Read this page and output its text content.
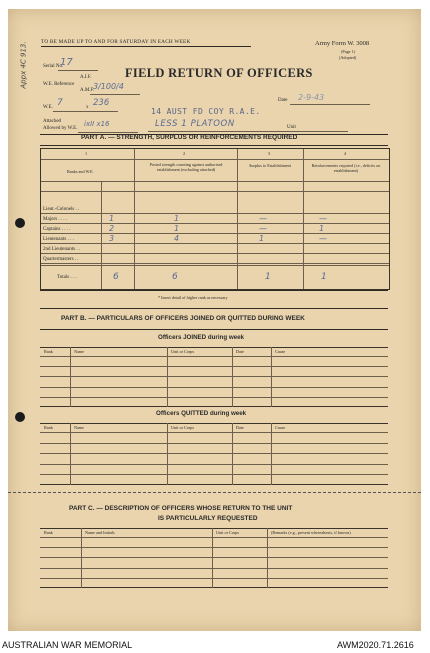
Appx 4C 913.	TO BE MADE UP TO AND FOR SATURDAY IN EACH WEEK	Army Form W. 3008
(Page 1)
(Adopted)
FIELD RETURN OF OFFICERS
Serial No.
17
A.I.F.
W.E. Reference
A.M.F.
3/100/4
W.E. 7	x 236
Attached
Allowed by W.E.
ixII x16
Date 2-9-43
14 AUST FD COY R.A.E.
LESS 1 PLATOON	Unit
PART A. — STRENGTH, SURPLUS OR REINFORCEMENTS REQUIRED
1	2	3	4
Ranks and W.E.
Posted strength counting against authorised establishment (excluding attached)
Surplus to Establishment	Reinforcements required (i.e., deficits on establishment)
Lieut.-Colonels . .
Majors . . . .	1	1	—	—
Captains . . . .	2	1	—	1
Lieutenants . . .	3	4	1	—
2nd Lieutenants . .
Quartermasters . .
Totals . . .	6	6	1	1
* Insert detail of higher rank as necessary
PART B. — PARTICULARS OF OFFICERS JOINED OR QUITTED DURING WEEK
Officers JOINED during week
Rank	Name	Unit or Corps	Date	Cause
Officers QUITTED during week
Rank	Name	Unit or Corps	Date	Cause
PART C. — DESCRIPTION OF OFFICERS WHOSE RETURN TO THE UNIT
IS PARTICULARLY REQUESTED
Rank	Name and Initials	Unit or Corps	(Remarks (e.g., present whereabouts, if known)
AUSTRALIAN WAR MEMORIAL	AWM2020.71.2616
